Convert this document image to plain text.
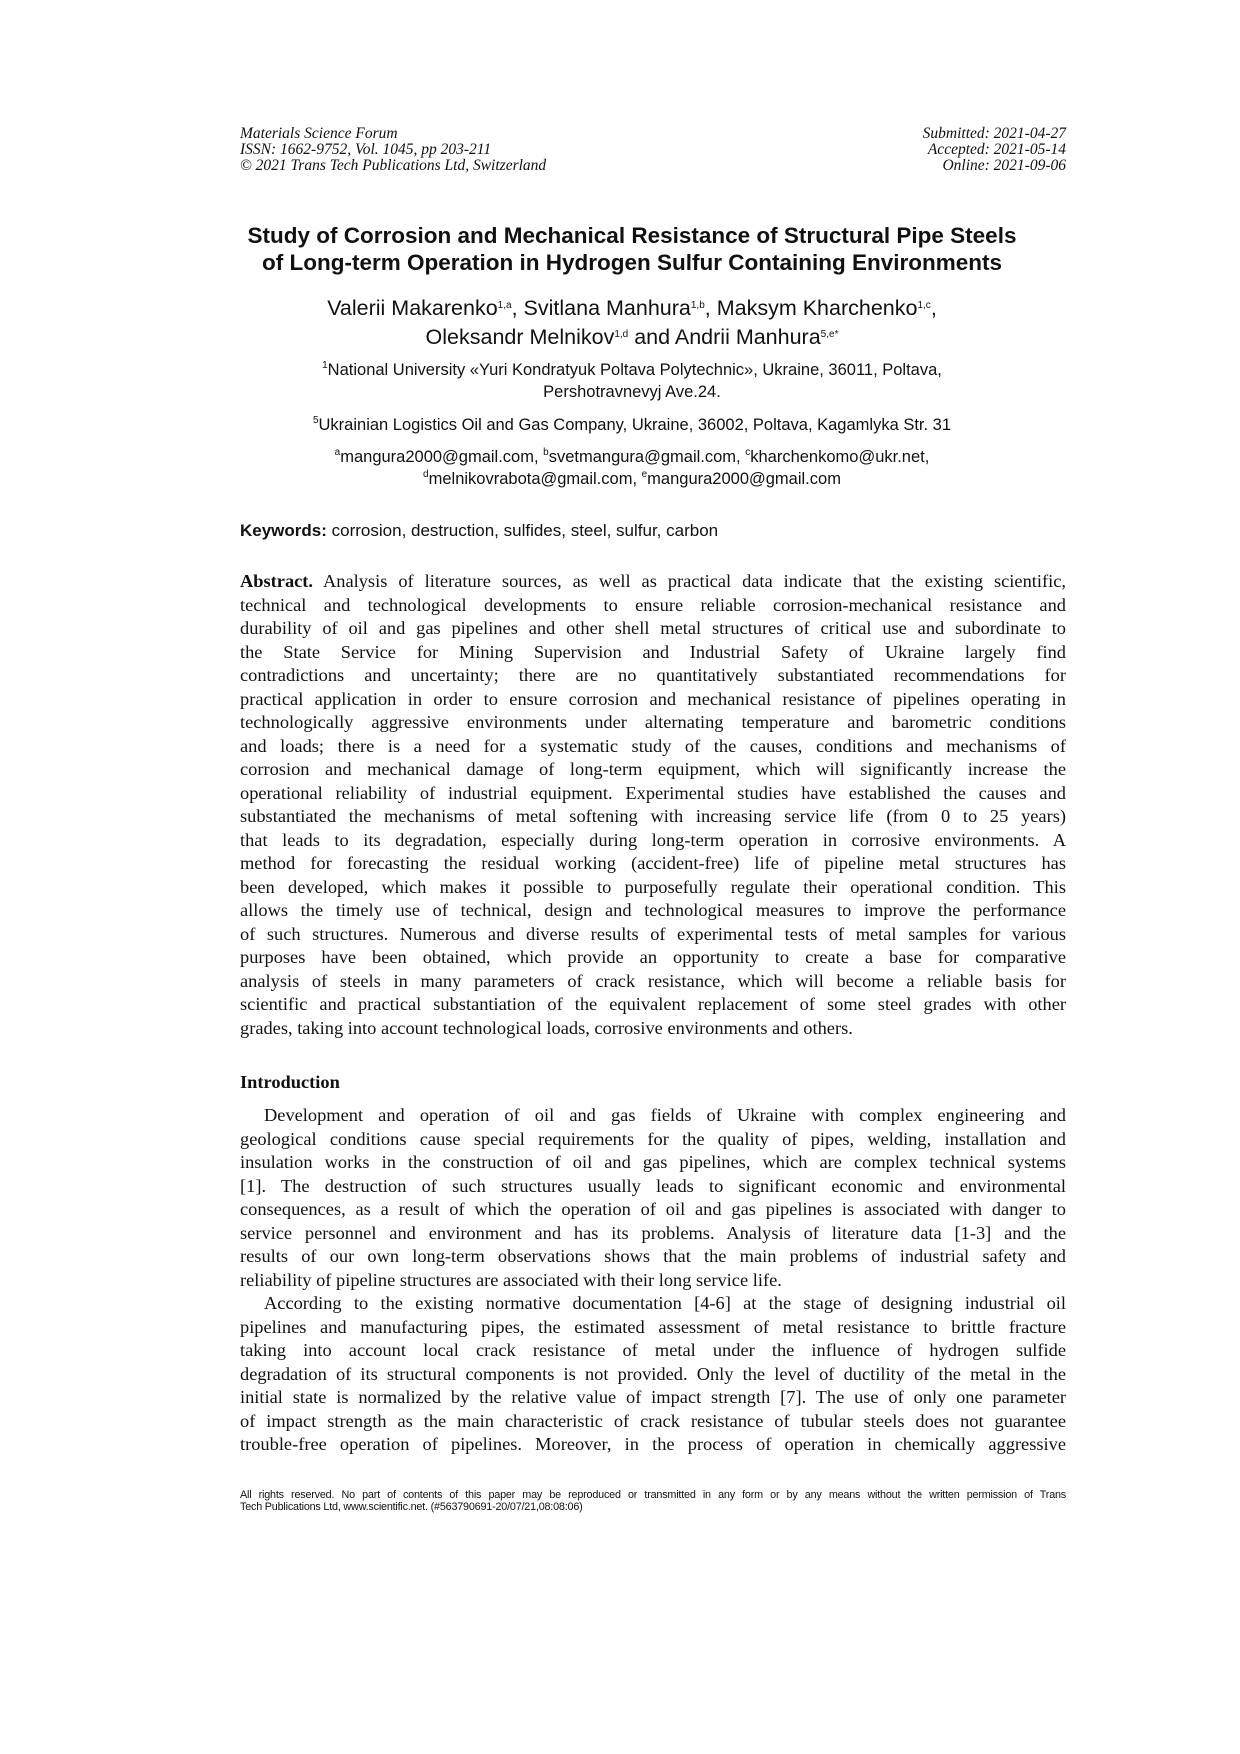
Materials Science Forum
ISSN: 1662-9752, Vol. 1045, pp 203-211
© 2021 Trans Tech Publications Ltd, Switzerland
Submitted: 2021-04-27
Accepted: 2021-05-14
Online: 2021-09-06
Study of Corrosion and Mechanical Resistance of Structural Pipe Steels
of Long-term Operation in Hydrogen Sulfur Containing Environments
Valerii Makarenko$^{1,a}$, Svitlana Manhura$^{1,b}$, Maksym Kharchenko$^{1,c}$,
Oleksandr Melnikov$^{1,d}$ and Andrii Manhura$^{5,e*}$
$^1$National University «Yuri Kondratyuk Poltava Polytechnic», Ukraine, 36011, Poltava,
Pershotravnevyj Ave.24.
$^5$Ukrainian Logistics Oil and Gas Company, Ukraine, 36002, Poltava, Kagamlyka Str. 31
$^a$mangura2000@gmail.com, $^b$svetmangura@gmail.com, $^c$kharchenkomo@ukr.net,
$^d$melnikovrabota@gmail.com, $^e$mangura2000@gmail.com
Keywords: corrosion, destruction, sulfides, steel, sulfur, carbon
Abstract. Analysis of literature sources, as well as practical data indicate that the existing scientific,
technical and technological developments to ensure reliable corrosion-mechanical resistance and
durability of oil and gas pipelines and other shell metal structures of critical use and subordinate to
the State Service for Mining Supervision and Industrial Safety of Ukraine largely find
contradictions and uncertainty; there are no quantitatively substantiated recommendations for
practical application in order to ensure corrosion and mechanical resistance of pipelines operating in
technologically aggressive environments under alternating temperature and barometric conditions
and loads; there is a need for a systematic study of the causes, conditions and mechanisms of
corrosion and mechanical damage of long-term equipment, which will significantly increase the
operational reliability of industrial equipment. Experimental studies have established the causes and
substantiated the mechanisms of metal softening with increasing service life (from 0 to 25 years)
that leads to its degradation, especially during long-term operation in corrosive environments. A
method for forecasting the residual working (accident-free) life of pipeline metal structures has
been developed, which makes it possible to purposefully regulate their operational condition. This
allows the timely use of technical, design and technological measures to improve the performance
of such structures. Numerous and diverse results of experimental tests of metal samples for various
purposes have been obtained, which provide an opportunity to create a base for comparative
analysis of steels in many parameters of crack resistance, which will become a reliable basis for
scientific and practical substantiation of the equivalent replacement of some steel grades with other
grades, taking into account technological loads, corrosive environments and others.
Introduction
Development and operation of oil and gas fields of Ukraine with complex engineering and
geological conditions cause special requirements for the quality of pipes, welding, installation and
insulation works in the construction of oil and gas pipelines, which are complex technical systems
[1]. The destruction of such structures usually leads to significant economic and environmental
consequences, as a result of which the operation of oil and gas pipelines is associated with danger to
service personnel and environment and has its problems. Analysis of literature data [1-3] and the
results of our own long-term observations shows that the main problems of industrial safety and
reliability of pipeline structures are associated with their long service life.
According to the existing normative documentation [4-6] at the stage of designing industrial oil
pipelines and manufacturing pipes, the estimated assessment of metal resistance to brittle fracture
taking into account local crack resistance of metal under the influence of hydrogen sulfide
degradation of its structural components is not provided. Only the level of ductility of the metal in the
initial state is normalized by the relative value of impact strength [7]. The use of only one parameter
of impact strength as the main characteristic of crack resistance of tubular steels does not guarantee
trouble-free operation of pipelines. Moreover, in the process of operation in chemically aggressive
All rights reserved. No part of contents of this paper may be reproduced or transmitted in any form or by any means without the written permission of Trans
Tech Publications Ltd, www.scientific.net. (#563790691-20/07/21,08:08:06)
